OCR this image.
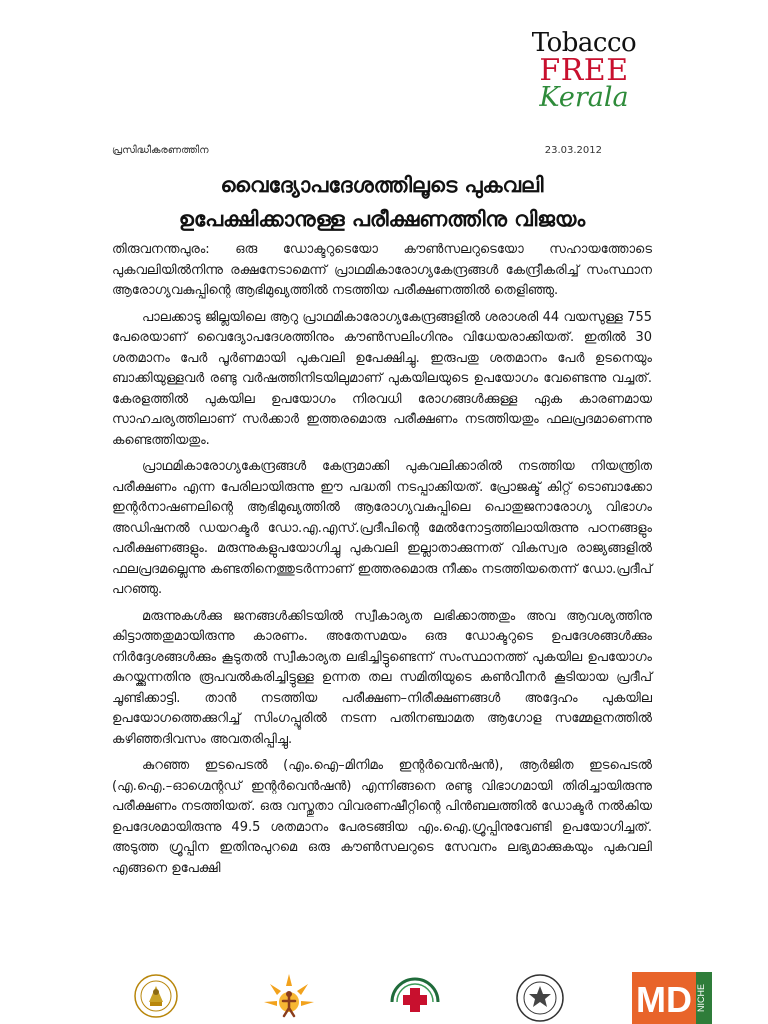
Tobacco
FREE
Kerala
പ്രസിദ്ധീകരണത്തിന	23.03.2012
വൈദ്യോപദേശത്തിലൂടെ പുകവലി
ഉപേക്ഷിക്കാനുള്ള പരീക്ഷണത്തിനു വിജയം

തിരുവനന്തപുരം: ഒരു ഡോക്ടറുടെയോ കൗൺസലറുടെയോ സഹായത്തോടെ പുകവലിയിൽനിന്നു രക്ഷനേടാമെന്ന് പ്രാഥമികാരോഗ്യകേന്ദ്രങ്ങൾ കേന്ദ്രീകരിച്ച് സംസ്ഥാന ആരോഗ്യവകുപ്പിന്റെ ആഭിമുഖ്യത്തിൽ നടത്തിയ പരീക്ഷണത്തിൽ തെളിഞ്ഞു.

പാലക്കാടു ജില്ലയിലെ ആറു പ്രാഥമികാരോഗ്യകേന്ദ്രങ്ങളിൽ ശരാശരി 44 വയസുള്ള 755 പേരെയാണ് വൈദ്യോപദേശത്തിനും കൗൺസലിംഗിനും വിധേയരാക്കിയത്. ഇതിൽ 30 ശതമാനം പേർ പൂർണമായി പുകവലി ഉപേക്ഷിച്ചു. ഇരുപതു ശതമാനം പേർ ഉടനെയും ബാക്കിയുള്ളവർ രണ്ടു വർഷത്തിനിടയിലുമാണ് പുകയിലയുടെ ഉപയോഗം വേണ്ടെന്നു വച്ചത്. കേരളത്തിൽ പുകയില ഉപയോഗം നിരവധി രോഗങ്ങൾക്കുള്ള ഏക കാരണമായ സാഹചര്യത്തിലാണ് സർക്കാർ ഇത്തരമൊരു പരീക്ഷണം നടത്തിയതും ഫലപ്രദമാണെന്നു കണ്ടെത്തിയതും.

പ്രാഥമികാരോഗ്യകേന്ദ്രങ്ങൾ കേന്ദ്രമാക്കി പുകവലിക്കാരിൽ നടത്തിയ നിയന്ത്രിത പരീക്ഷണം എന്ന പേരിലായിരുന്നു ഈ പദ്ധതി നടപ്പാക്കിയത്. പ്രോജക്ട് കിറ്റ് ടൊബാക്കോ ഇന്റർനാഷണലിന്റെ ആഭിമുഖ്യത്തിൽ ആരോഗ്യവകുപ്പിലെ പൊതുജനാരോഗ്യ വിഭാഗം അഡിഷനൽ ഡയറക്ടർ ഡോ.എ.എസ്.പ്രദീപിന്റെ മേൽനോട്ടത്തിലായിരുന്നു പഠനങ്ങളും പരീക്ഷണങ്ങളും. മരുന്നുകളുപയോഗിച്ചു പുകവലി ഇല്ലാതാക്കുന്നത് വികസ്വര രാജ്യങ്ങളിൽ ഫലപ്രദമല്ലെന്നു കണ്ടതിനെത്തുടർന്നാണ് ഇത്തരമൊരു നീക്കം നടത്തിയതെന്ന് ഡോ.പ്രദീപ് പറഞ്ഞു.

മരുന്നുകൾക്കു ജനങ്ങൾക്കിടയിൽ സ്വീകാര്യത ലഭിക്കാത്തതും അവ ആവശ്യത്തിനു കിട്ടാത്തതുമായിരുന്നു കാരണം. അതേസമയം ഒരു ഡോക്ടറുടെ ഉപദേശങ്ങൾക്കും നിർദ്ദേശങ്ങൾക്കും കൂടുതൽ സ്വീകാര്യത ലഭിച്ചിട്ടുണ്ടെന്ന് സംസ്ഥാനത്ത് പുകയില ഉപയോഗം കുറയ്ക്കുന്നതിനു രൂപവൽകരിച്ചിട്ടുള്ള ഉന്നത തല സമിതിയുടെ കൺവീനർ കൂടിയായ പ്രദീപ് ചൂണ്ടിക്കാട്ടി. താൻ നടത്തിയ പരീക്ഷണ–നിരീക്ഷണങ്ങൾ അദ്ദേഹം പുകയില ഉപയോഗത്തെക്കുറിച്ച് സിംഗപ്പൂരിൽ നടന്ന പതിനഞ്ചാമത ആഗോള സമ്മേളനത്തിൽ കഴിഞ്ഞദിവസം അവതരിപ്പിച്ചു.

കുറഞ്ഞ ഇടപെടൽ (എം.ഐ–മിനിമം ഇന്റർവെൻഷൻ), ആർജിത ഇടപെടൽ (എ.ഐ.–ഓഗ്മെന്റഡ് ഇന്റർവെൻഷൻ) എന്നിങ്ങനെ രണ്ടു വിഭാഗമായി തിരിച്ചായിരുന്നു പരീക്ഷണം നടത്തിയത്. ഒരു വസ്തുതാ വിവരണഷീറ്റിന്റെ പിൻബലത്തിൽ ഡോക്ടർ നൽകിയ ഉപദേശമായിരുന്നു 49.5 ശതമാനം പേരടങ്ങിയ എം.ഐ.ഗ്രൂപ്പിനുവേണ്ടി ഉപയോഗിച്ചത്. അടുത്ത ഗ്രൂപ്പിന ഇതിനുപുറമെ ഒരു കൗൺസലറുടെ സേവനം ലഭ്യമാക്കുകയും പുകവലി എങ്ങനെ ഉപേക്ഷി

MD NICHE
